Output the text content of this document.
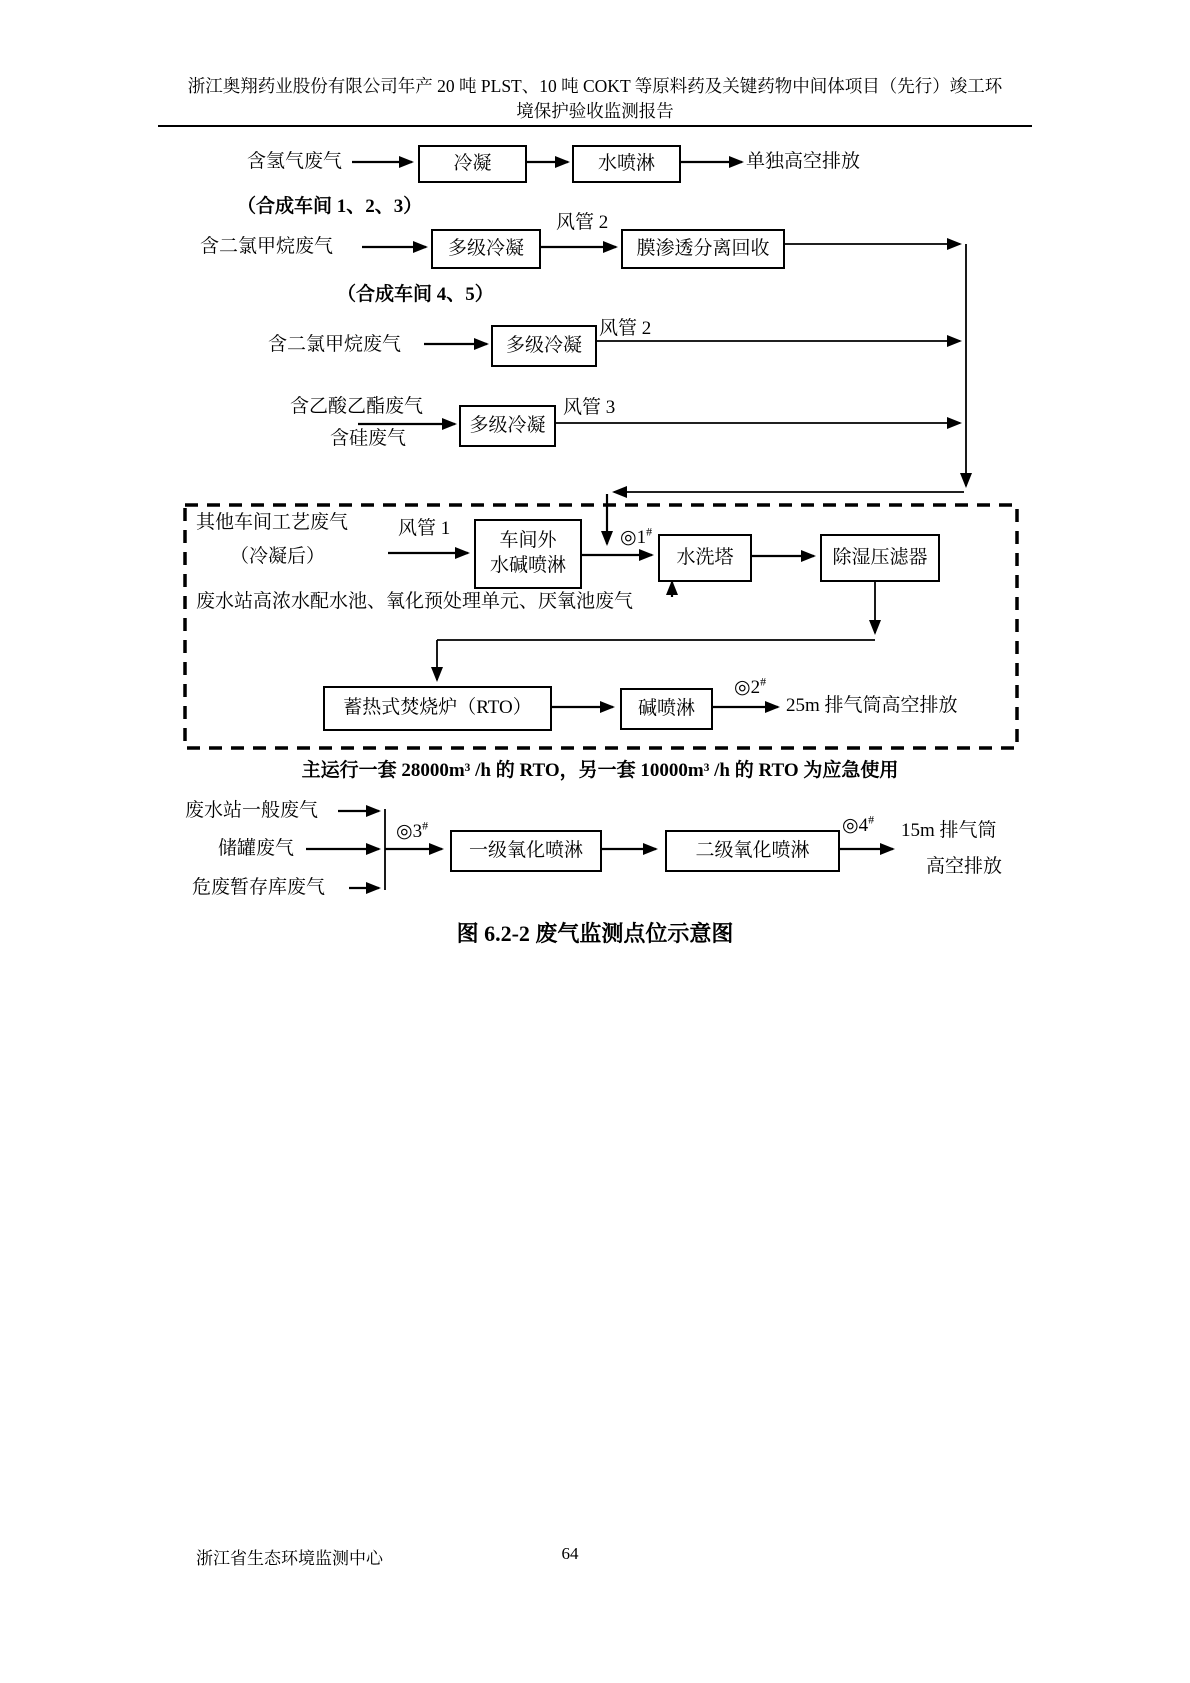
浙江奥翔药业股份有限公司年产 20 吨 PLST、10 吨 COKT 等原料药及关键药物中间体项目（先行）竣工环
境保护验收监测报告
含氢气废气	冷凝	水喷淋	单独高空排放
（合成车间 1、2、3）
含二氯甲烷废气	多级冷凝
风管 2
膜渗透分离回收
（合成车间 4、5）
含二氯甲烷废气	多级冷凝
风管 2
含乙酸乙酯废气
含硅废气
多级冷凝
风管 3
其他车间工艺废气
（冷凝后）
风管 1
车间外
水碱喷淋
◎1#
水洗塔	除湿压滤器
废水站高浓水配水池、氧化预处理单元、厌氧池废气
蓄热式焚烧炉（RTO）	碱喷淋
◎2#
25m 排气筒高空排放
主运行一套 28000m³ /h 的 RTO，另一套 10000m³ /h 的 RTO 为应急使用
废水站一般废气
储罐废气
危废暂存库废气
◎3#
一级氧化喷淋	二级氧化喷淋
◎4#
15m 排气筒
高空排放
图 6.2-2 废气监测点位示意图
浙江省生态环境监测中心	64
